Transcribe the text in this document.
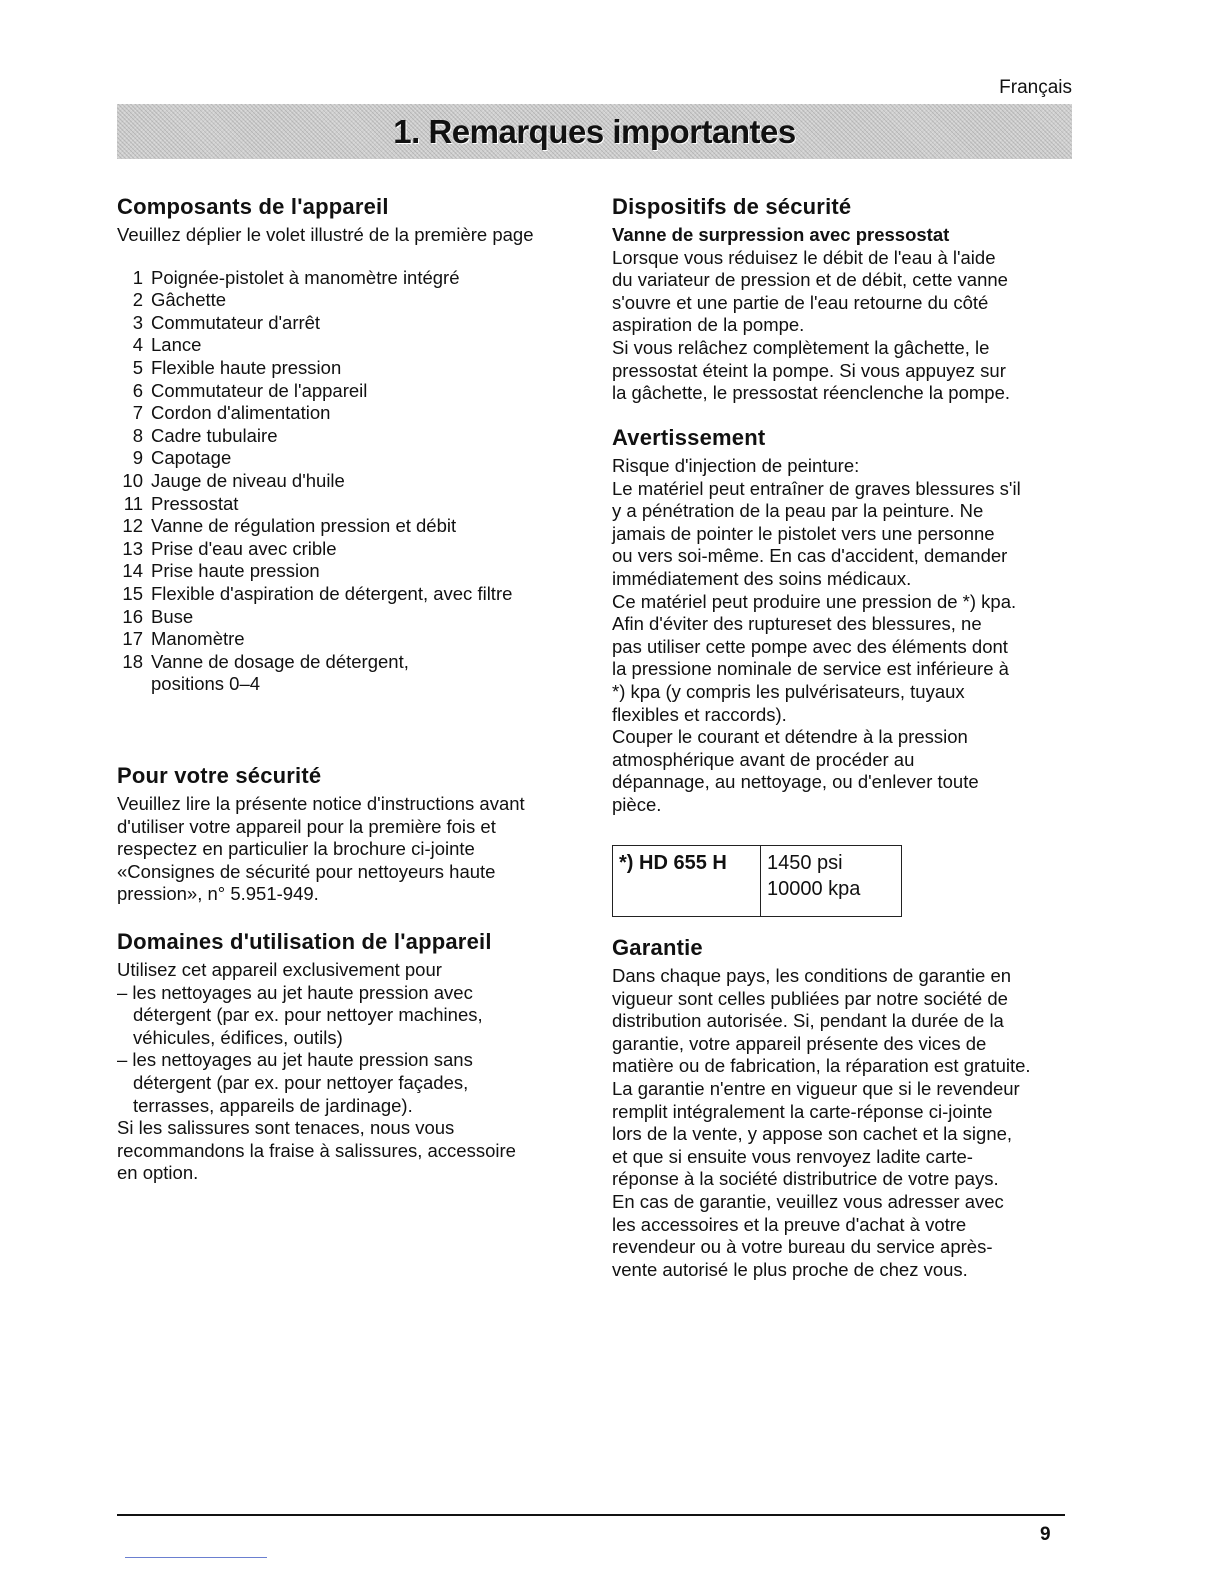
Français
1. Remarques importantes
Composants de l'appareil
Veuillez déplier le volet illustré de la première page
1 Poignée-pistolet à manomètre intégré
2 Gâchette
3 Commutateur d'arrêt
4 Lance
5 Flexible haute pression
6 Commutateur de l'appareil
7 Cordon d'alimentation
8 Cadre tubulaire
9 Capotage
10 Jauge de niveau d'huile
11 Pressostat
12 Vanne de régulation pression et débit
13 Prise d'eau avec crible
14 Prise haute pression
15 Flexible d'aspiration de détergent, avec filtre
16 Buse
17 Manomètre
18 Vanne de dosage de détergent,
positions 0–4
Pour votre sécurité
Veuillez lire la présente notice d'instructions avant
d'utiliser votre appareil pour la première fois et
respectez en particulier la brochure ci-jointe
«Consignes de sécurité pour nettoyeurs haute
pression», n° 5.951-949.
Domaines d'utilisation de l'appareil
Utilisez cet appareil exclusivement pour
– les nettoyages au jet haute pression avec
détergent (par ex. pour nettoyer machines,
véhicules, édifices, outils)
– les nettoyages au jet haute pression sans
détergent (par ex. pour nettoyer façades,
terrasses, appareils de jardinage).
Si les salissures sont tenaces, nous vous
recommandons la fraise à salissures, accessoire
en option.
Dispositifs de sécurité
Vanne de surpression avec pressostat
Lorsque vous réduisez le débit de l'eau à l'aide
du variateur de pression et de débit, cette vanne
s'ouvre et une partie de l'eau retourne du côté
aspiration de la pompe.
Si vous relâchez complètement la gâchette, le
pressostat éteint la pompe. Si vous appuyez sur
la gâchette, le pressostat réenclenche la pompe.
Avertissement
Risque d'injection de peinture:
Le matériel peut entraîner de graves blessures s'il
y a pénétration de la peau par la peinture. Ne
jamais de pointer le pistolet vers une personne
ou vers soi-même. En cas d'accident, demander
immédiatement des soins médicaux.
Ce matériel peut produire une pression de *) kpa.
Afin d'éviter des ruptureset des blessures, ne
pas utiliser cette pompe avec des éléments dont
la pressione nominale de service est inférieure à
*) kpa (y compris les pulvérisateurs, tuyaux
flexibles et raccords).
Couper le courant et détendre à la pression
atmosphérique avant de procéder au
dépannage, au nettoyage, ou d'enlever toute
pièce.
*) HD 655 H	1450 psi
10000 kpa
Garantie
Dans chaque pays, les conditions de garantie en
vigueur sont celles publiées par notre société de
distribution autorisée. Si, pendant la durée de la
garantie, votre appareil présente des vices de
matière ou de fabrication, la réparation est gratuite.
La garantie n'entre en vigueur que si le revendeur
remplit intégralement la carte-réponse ci-jointe
lors de la vente, y appose son cachet et la signe,
et que si ensuite vous renvoyez ladite carte-
réponse à la société distributrice de votre pays.
En cas de garantie, veuillez vous adresser avec
les accessoires et la preuve d'achat à votre
revendeur ou à votre bureau du service après-
vente autorisé le plus proche de chez vous.
9
